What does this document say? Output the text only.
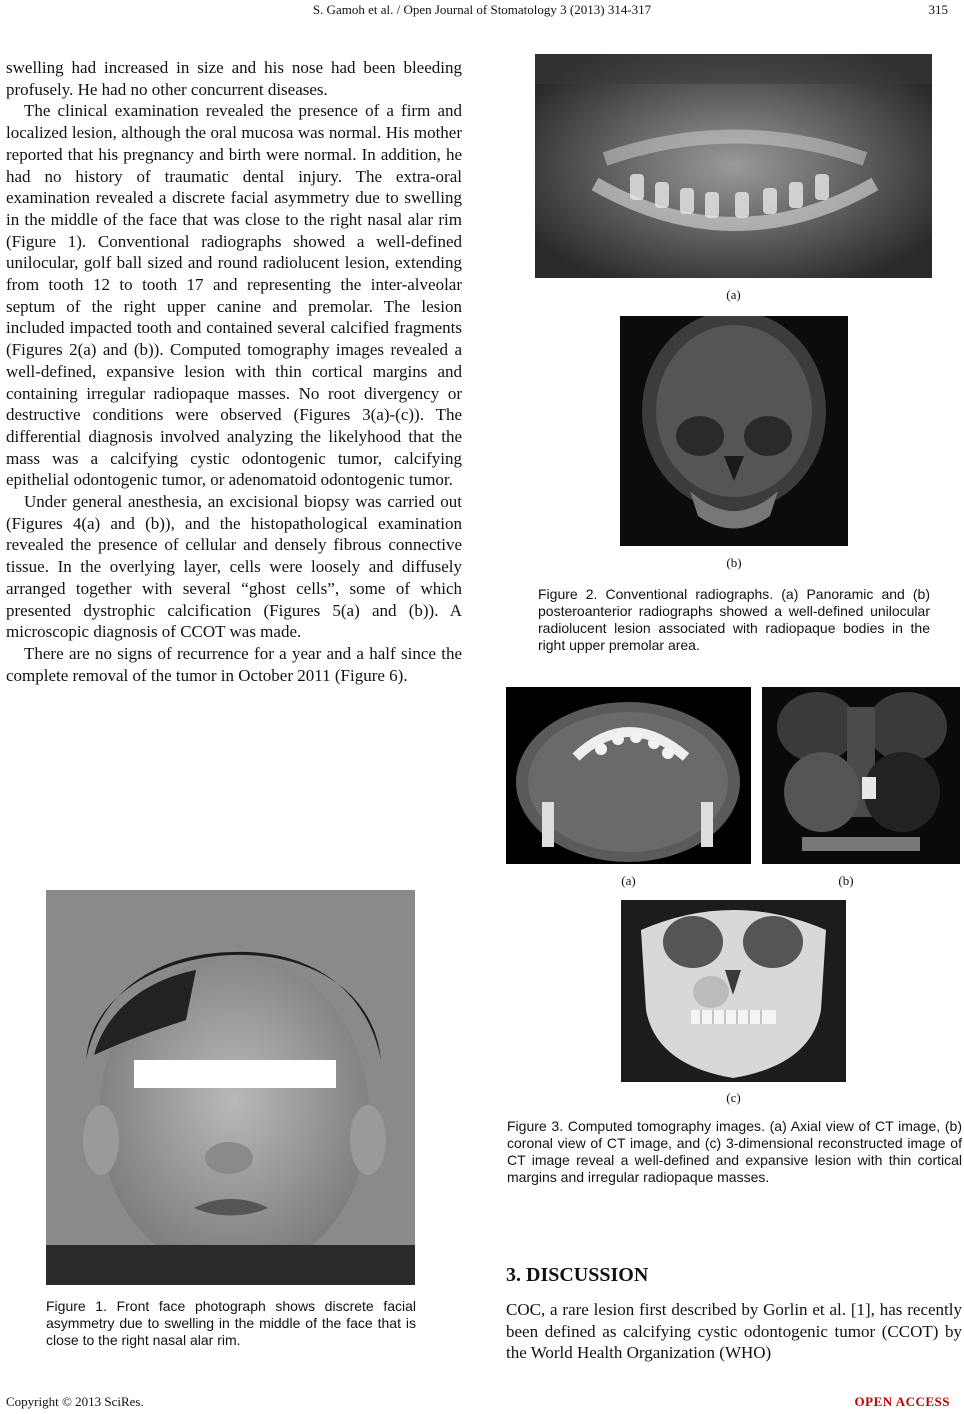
S. Gamoh et al. / Open Journal of Stomatology 3 (2013) 314-317	315

swelling had increased in size and his nose had been bleeding profusely. He had no other concurrent diseases.

The clinical examination revealed the presence of a firm and localized lesion, although the oral mucosa was normal. His mother reported that his pregnancy and birth were normal. In addition, he had no history of traumatic dental injury. The extra-oral examination revealed a discrete facial asymmetry due to swelling in the middle of the face that was close to the right nasal alar rim (Figure 1). Conventional radiographs showed a well-defined unilocular, golf ball sized and round radiolucent lesion, extending from tooth 12 to tooth 17 and representing the inter-alveolar septum of the right upper canine and premolar. The lesion included impacted tooth and contained several calcified fragments (Figures 2(a) and (b)). Computed tomography images revealed a well-defined, expansive lesion with thin cortical margins and containing irregular radiopaque masses. No root divergency or destructive conditions were observed (Figures 3(a)-(c)). The differential diagnosis involved analyzing the likelyhood that the mass was a calcifying cystic odontogenic tumor, calcifying epithelial odontogenic tumor, or adenomatoid odontogenic tumor.

Under general anesthesia, an excisional biopsy was carried out (Figures 4(a) and (b)), and the histopathological examination revealed the presence of cellular and densely fibrous connective tissue. In the overlying layer, cells were loosely and diffusely arranged together with several “ghost cells”, some of which presented dystrophic calcification (Figures 5(a) and (b)). A microscopic diagnosis of CCOT was made.

There are no signs of recurrence for a year and a half since the complete removal of the tumor in October 2011 (Figure 6).

Figure 1. Front face photograph shows discrete facial asymmetry due to swelling in the middle of the face that is close to the right nasal alar rim.
(a)
(b)
Figure 2. Conventional radiographs. (a) Panoramic and (b) posteroanterior radiographs showed a well-defined unilocular radiolucent lesion associated with radiopaque bodies in the right upper premolar area.
(a)	(b)
(c)
Figure 3. Computed tomography images. (a) Axial view of CT image, (b) coronal view of CT image, and (c) 3-dimensional reconstructed image of CT image reveal a well-defined and expansive lesion with thin cortical margins and irregular radiopaque masses.
3. DISCUSSION

COC, a rare lesion first described by Gorlin et al. [1], has recently been defined as calcifying cystic odontogenic tumor (CCOT) by the World Health Organization (WHO)

Copyright © 2013 SciRes.	OPEN ACCESS
